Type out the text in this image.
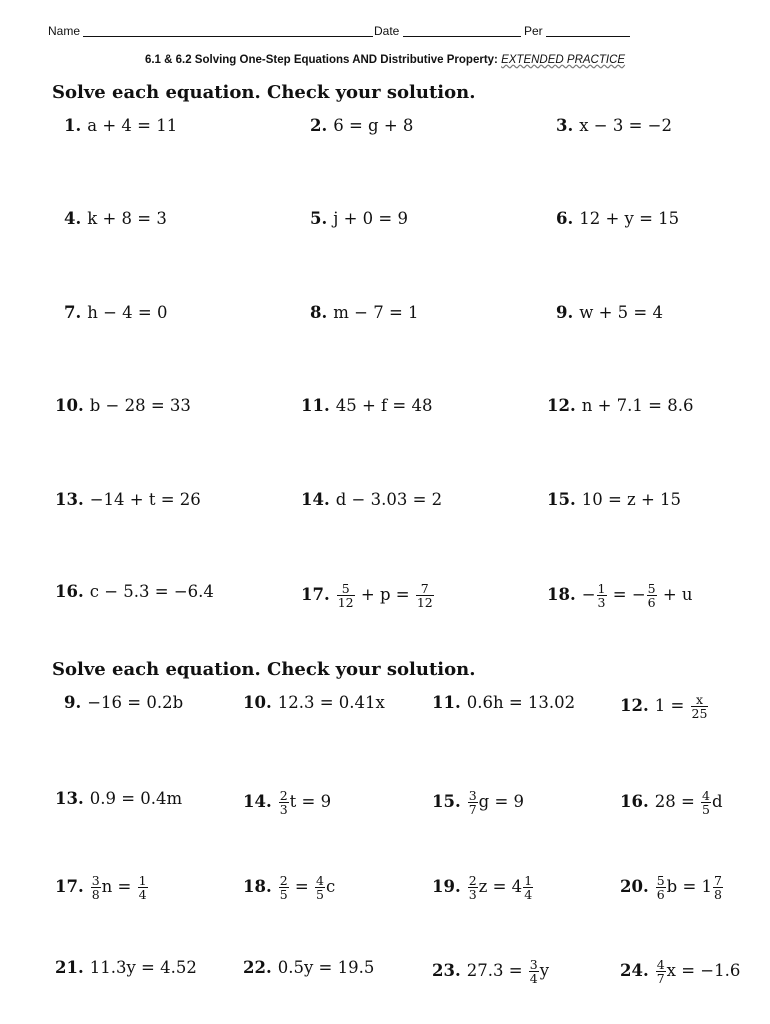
Name	Date	Per
6.1 & 6.2 Solving One-Step Equations AND Distributive Property: EXTENDED PRACTICE
Solve each equation. Check your solution.
1. a + 4 = 11	2. 6 = g + 8	3. x − 3 = −2
4. k + 8 = 3	5. j + 0 = 9	6. 12 + y = 15
7. h − 4 = 0	8. m − 7 = 1	9. w + 5 = 4
10. b − 28 = 33	11. 45 + f = 48	12. n + 7.1 = 8.6
13. −14 + t = 26	14. d − 3.03 = 2	15. 10 = z + 15
16. c − 5.3 = −6.4	17. $\frac{5}{12} + p = \frac{7}{12}$	18. − $\frac{1}{3}$ = − $\frac{5}{6} + u$
Solve each equation. Check your solution.
9. −16 = 0.2b	10. 12.3 = 0.41x	11. 0.6h = 13.02	12. $1 = \frac{x}{25}$
13. 0.9 = 0.4m	14. $\frac{2}{3}$ t = 9	15. $\frac{3}{7}$ g = 9	16. $28 = \frac{4}{5}$ d
17. $\frac{3}{8}$ $n = \frac{1}{4}$	18. $\frac{2}{5} = \frac{4}{5}$ c	19. $\frac{2}{3}$ $z = 4 \frac{1}{4}$	20. $\frac{5}{6}$ $b = 1 \frac{7}{8}$
21. 11.3y = 4.52	22. 0.5y = 19.5	23. $27.3 = \frac{3}{4}$ y	24. $\frac{4}{7}$ x = −1.6
